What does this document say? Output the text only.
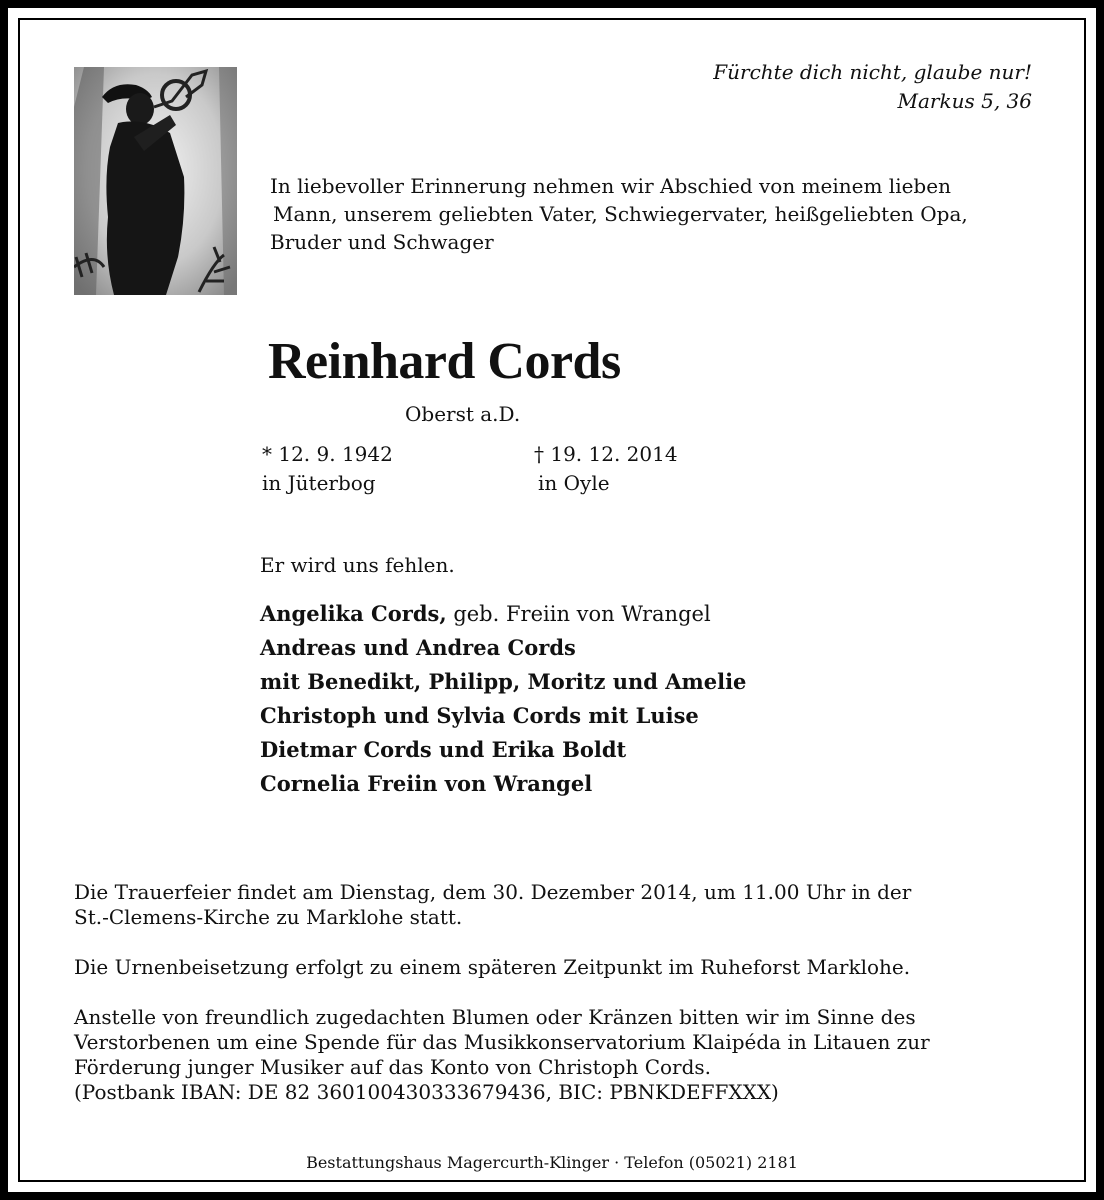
Fürchte dich nicht, glaube nur!
Markus 5, 36
In liebevoller Erinnerung nehmen wir Abschied von meinem lieben
Mann, unserem geliebten Vater, Schwiegervater, heißgeliebten Opa,
Bruder und Schwager
Reinhard Cords
Oberst a.D.
* 12. 9. 1942
in Jüterbog
† 19. 12. 2014
in Oyle
Er wird uns fehlen.
Angelika Cords, geb. Freiin von Wrangel
Andreas und Andrea Cords
mit Benedikt, Philipp, Moritz und Amelie
Christoph und Sylvia Cords mit Luise
Dietmar Cords und Erika Boldt
Cornelia Freiin von Wrangel

Die Trauerfeier findet am Dienstag, dem 30. Dezember 2014, um 11.00 Uhr in der

St.-Clemens-Kirche zu Marklohe statt.

Die Urnenbeisetzung erfolgt zu einem späteren Zeitpunkt im Ruheforst Marklohe.

Anstelle von freundlich zugedachten Blumen oder Kränzen bitten wir im Sinne des

Verstorbenen um eine Spende für das Musikkonservatorium Klaipéda in Litauen zur

Förderung junger Musiker auf das Konto von Christoph Cords.

(Postbank IBAN: DE 82 360100430333679436, BIC: PBNKDEFFXXX)

Bestattungshaus Magercurth-Klinger · Telefon (05021) 2181
